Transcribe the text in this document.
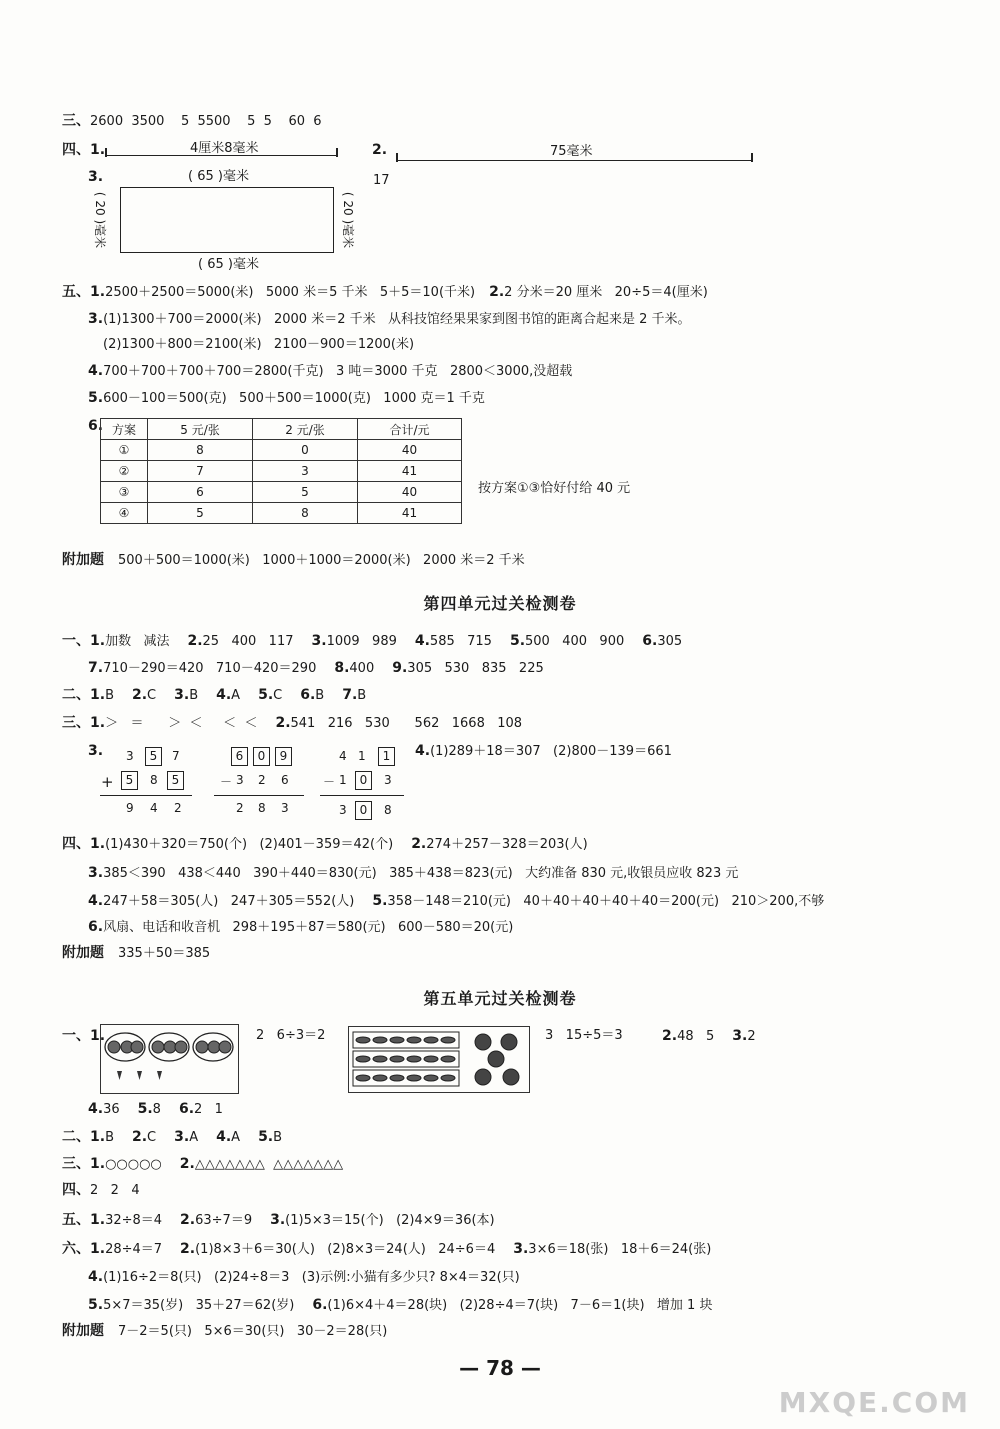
三、2600  3500    5  5500    5  5    60  6
四、1.	4厘米8毫米	2.	75毫米
3.	( 65 )毫米	17
( 20 )毫米	( 20 )毫米
( 65 )毫米
五、1.2500＋2500＝5000(米)   5000 米＝5 千米   5＋5＝10(千米) 2.2 分米＝20 厘米   20÷5＝4(厘米)
3.(1)1300＋700＝2000(米)   2000 米＝2 千米   从科技馆经果果家到图书馆的距离合起来是 2 千米。
(2)1300＋800＝2100(米)   2100－900＝1200(米)
4.700＋700＋700＋700＝2800(千克)   3 吨＝3000 千克   2800＜3000,没超载
5.600－100＝500(克)   500＋500＝1000(克)   1000 克＝1 千克
6. 方案	5 元/张	2 元/张	合计/元
①	8	0	40
②	7	3	41
③	6	5	40
④	5	8	41
按方案①③恰好付给 40 元
附加题 500＋500＝1000(米)   1000＋1000＝2000(米)   2000 米＝2 千米
第四单元过关检测卷
一、1.加数   减法 2.25   400   117 3.1009   989 4.585   715 5.500   400   900 6.305
7.710－290＝420   710－420＝290 8.400 9.305   530   835   225
二、1.B 2.C 3.B 4.A 5.C 6.B 7.B
三、1.＞   ＝      ＞  ＜     ＜  ＜ 2.541   216   530      562   1668   108
3. 3	5	7
+	5	8	5
9 4 2
6	0	9
－ 3 2 6
2 8 3
4 1	1
－ 1	0	3
3	0	8
4.(1)289＋18＝307   (2)800－139＝661
四、1.(1)430＋320＝750(个)   (2)401－359＝42(个) 2.274＋257－328＝203(人)
3.385＜390   438＜440   390＋440＝830(元)   385＋438＝823(元)   大约准备 830 元,收银员应收 823 元
4.247＋58＝305(人)   247＋305＝552(人) 5.358－148＝210(元)   40＋40＋40＋40＋40＝200(元)   210＞200,不够
6.风扇、电话和收音机   298＋195＋87＝580(元)   600－580＝20(元)
附加题 335＋50＝385
第五单元过关检测卷
一、1.	2   6÷3＝2	3   15÷5＝3	2.48   5 3.2
4.36 5.8 6.2   1
二、1.B 2.C 3.A 4.A 5.B
三、1.○○○○○ 2.△△△△△△△  △△△△△△△
四、2   2   4
五、1.32÷8＝4 2.63÷7＝9 3.(1)5×3＝15(个)   (2)4×9＝36(本)
六、1.28÷4＝7 2.(1)8×3＋6＝30(人)   (2)8×3＝24(人)   24÷6＝4 3.3×6＝18(张)   18＋6＝24(张)
4.(1)16÷2＝8(只)   (2)24÷8＝3   (3)示例:小猫有多少只? 8×4＝32(只)
5.5×7＝35(岁)   35＋27＝62(岁) 6.(1)6×4＋4＝28(块)   (2)28÷4＝7(块)   7－6＝1(块)   增加 1 块
附加题 7－2＝5(只)   5×6＝30(只)   30－2＝28(只)
— 78 —
MXQE.COM
